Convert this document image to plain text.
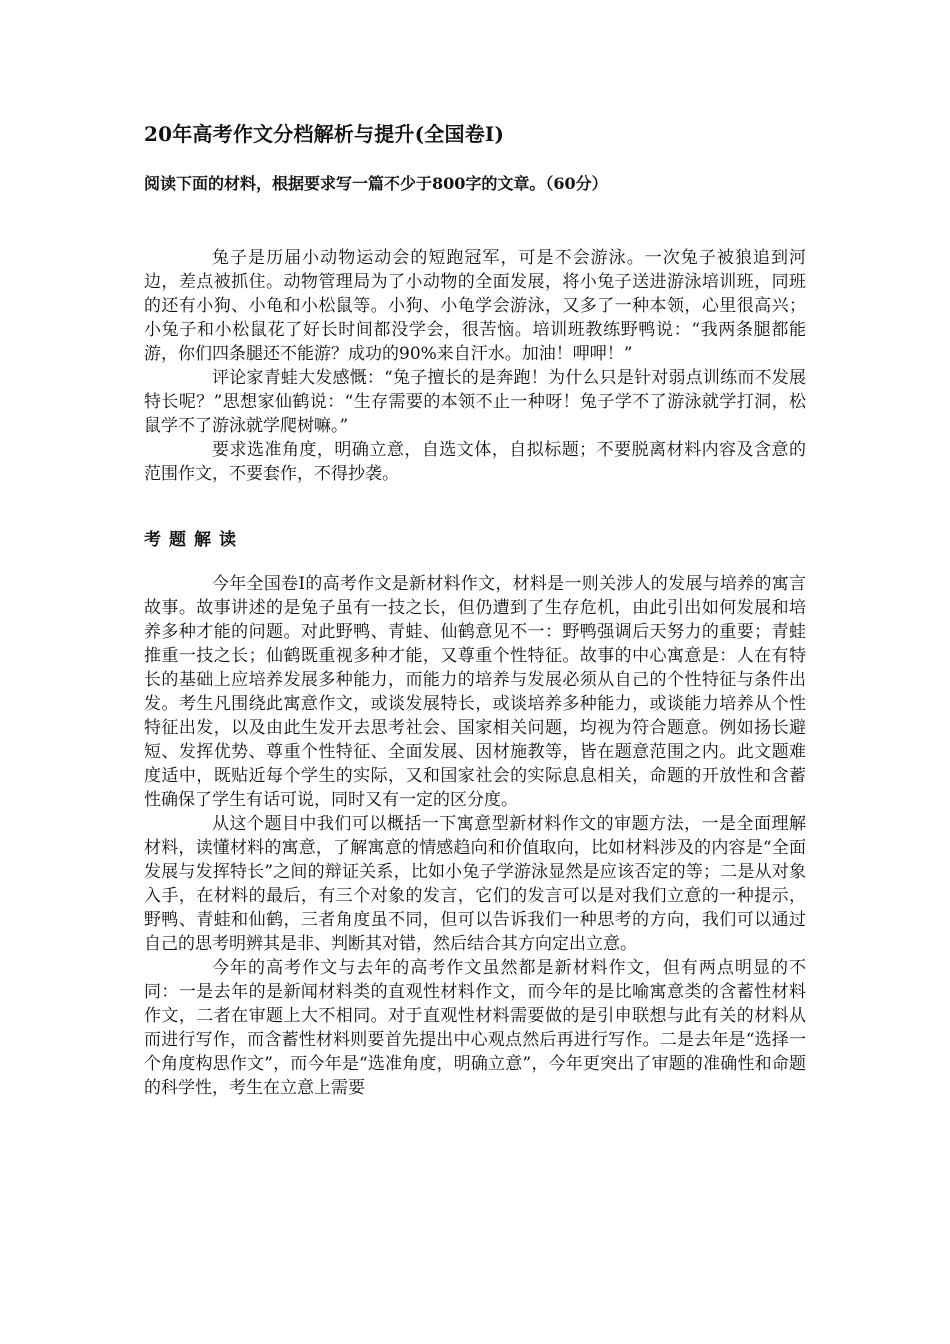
20年高考作文分档解析与提升(全国卷Ⅰ)

阅读下面的材料，根据要求写一篇不少于800字的文章。（60分）

兔子是历届小动物运动会的短跑冠军，可是不会游泳。一次兔子被狼追到河边，差点被抓住。动物管理局为了小动物的全面发展，将小兔子送进游泳培训班，同班的还有小狗、小龟和小松鼠等。小狗、小龟学会游泳，又多了一种本领，心里很高兴；小兔子和小松鼠花了好长时间都没学会，很苦恼。培训班教练野鸭说：“我两条腿都能游，你们四条腿还不能游？成功的90%来自汗水。加油！呷呷！”

评论家青蛙大发感慨：“兔子擅长的是奔跑！为什么只是针对弱点训练而不发展特长呢？”思想家仙鹤说：“生存需要的本领不止一种呀！兔子学不了游泳就学打洞，松鼠学不了游泳就学爬树嘛。”

要求选准角度，明确立意，自选文体，自拟标题；不要脱离材料内容及含意的范围作文，不要套作，不得抄袭。

考题解读

今年全国卷Ⅰ的高考作文是新材料作文，材料是一则关涉人的发展与培养的寓言故事。故事讲述的是兔子虽有一技之长，但仍遭到了生存危机，由此引出如何发展和培养多种才能的问题。对此野鸭、青蛙、仙鹤意见不一：野鸭强调后天努力的重要；青蛙推重一技之长；仙鹤既重视多种才能，又尊重个性特征。故事的中心寓意是：人在有特长的基础上应培养发展多种能力，而能力的培养与发展必须从自己的个性特征与条件出发。考生凡围绕此寓意作文，或谈发展特长，或谈培养多种能力，或谈能力培养从个性特征出发，以及由此生发开去思考社会、国家相关问题，均视为符合题意。例如扬长避短、发挥优势、尊重个性特征、全面发展、因材施教等，皆在题意范围之内。此文题难度适中，既贴近每个学生的实际，又和国家社会的实际息息相关，命题的开放性和含蓄性确保了学生有话可说，同时又有一定的区分度。

从这个题目中我们可以概括一下寓意型新材料作文的审题方法，一是全面理解材料，读懂材料的寓意，了解寓意的情感趋向和价值取向，比如材料涉及的内容是“全面发展与发挥特长”之间的辩证关系，比如小兔子学游泳显然是应该否定的等；二是从对象入手，在材料的最后，有三个对象的发言，它们的发言可以是对我们立意的一种提示，野鸭、青蛙和仙鹤，三者角度虽不同，但可以告诉我们一种思考的方向，我们可以通过自己的思考明辨其是非、判断其对错，然后结合其方向定出立意。

今年的高考作文与去年的高考作文虽然都是新材料作文，但有两点明显的不同：一是去年的是新闻材料类的直观性材料作文，而今年的是比喻寓意类的含蓄性材料作文，二者在审题上大不相同。对于直观性材料需要做的是引申联想与此有关的材料从而进行写作，而含蓄性材料则要首先提出中心观点然后再进行写作。二是去年是“选择一个角度构思作文”，而今年是“选准角度，明确立意”，今年更突出了审题的准确性和命题的科学性，考生在立意上需要
